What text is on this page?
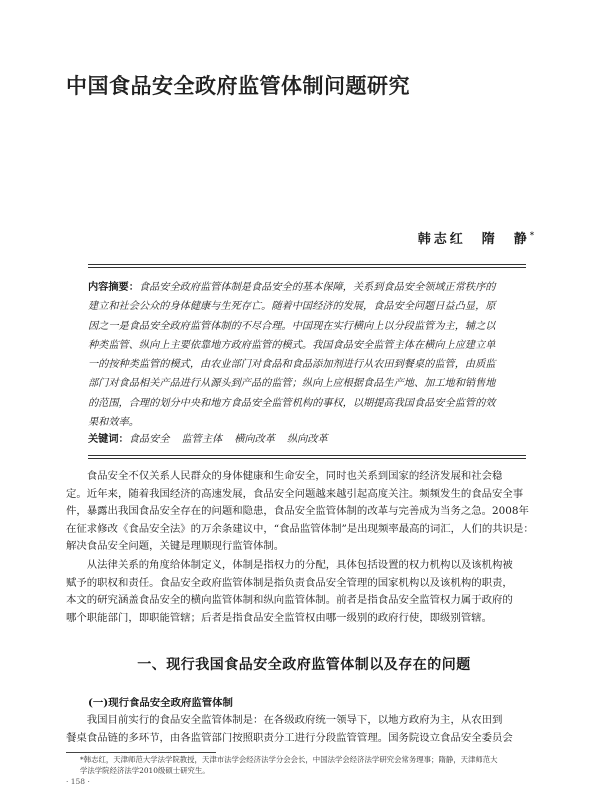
中国食品安全政府监管体制问题研究
韩志红　隋　静*
内容摘要：食品安全政府监管体制是食品安全的基本保障，关系到食品安全领域正常秩序的
建立和社会公众的身体健康与生死存亡。随着中国经济的发展，食品安全问题日益凸显，原
因之一是食品安全政府监管体制的不尽合理。中国现在实行横向上以分段监管为主，辅之以
种类监管、纵向上主要依靠地方政府监管的模式。我国食品安全监管主体在横向上应建立单
一的按种类监管的模式，由农业部门对食品和食品添加剂进行从农田到餐桌的监管，由质监
部门对食品相关产品进行从源头到产品的监管；纵向上应根据食品生产地、加工地和销售地
的范围，合理的划分中央和地方食品安全监管机构的事权，以期提高我国食品安全监管的效
果和效率。
关键词：食品安全 监管主体 横向改革 纵向改革
　　食品安全不仅关系人民群众的身体健康和生命安全，同时也关系到国家的经济发展和社会稳
定。近年来，随着我国经济的高速发展，食品安全问题越来越引起高度关注。频频发生的食品安全事
件，暴露出我国食品安全存在的问题和隐患，食品安全监管体制的改革与完善成为当务之急。2008年
在征求修改《食品安全法》的万余条建议中，“食品监管体制”是出现频率最高的词汇，人们的共识是：
解决食品安全问题，关键是理顺现行监管体制。
　　从法律关系的角度给体制定义，体制是指权力的分配，具体包括设置的权力机构以及该机构被
赋予的职权和责任。食品安全政府监管体制是指负责食品安全管理的国家机构以及该机构的职责，
本文的研究涵盖食品安全的横向监管体制和纵向监管体制。前者是指食品安全监管权力属于政府的
哪个职能部门，即职能管辖；后者是指食品安全监管权由哪一级别的政府行使，即级别管辖。
一、现行我国食品安全政府监管体制以及存在的问题
(一)现行食品安全政府监管体制
　　我国目前实行的食品安全监管体制是：在各级政府统一领导下，以地方政府为主，从农田到
餐桌食品链的多环节，由各监管部门按照职责分工进行分段监管管理。国务院设立食品安全委员会
*韩志红，天津师范大学法学院教授，天津市法学会经济法学分会会长，中国法学会经济法学研究会常务理事；隋静，天津师范大
学法学院经济法学2010级硕士研究生。
· 158 ·
